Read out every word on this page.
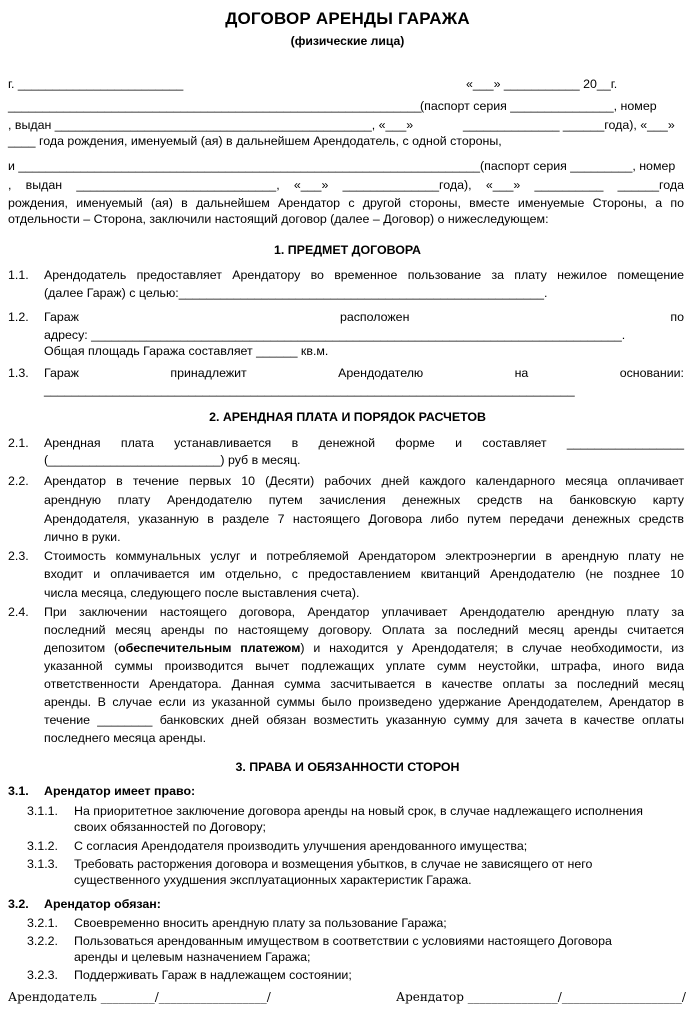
ДОГОВОР АРЕНДЫ ГАРАЖА
(физические лица)
г. ________________________	«___» ___________ 20__г.
____________________________________________________________
(паспорт серия _______________, номер
, выдан ______________________________________________, «___»	______________ ______года), «___»
____ года рождения, именуемый (ая) в дальнейшем Арендодатель, с одной стороны,
и ___________________________________________________________________ (паспорт серия _________, номер
, выдан _____________________________, «___» ______________года), «___» __________ ______года
рождения, именуемый (ая) в дальнейшем Арендатор с другой стороны, вместе именуемые Стороны, а по
отдельности – Сторона, заключили настоящий договор (далее – Договор) о нижеследующем:
1. ПРЕДМЕТ ДОГОВОРА
1.1. Арендодатель предоставляет Арендатору во временное пользование за плату нежилое помещение
(далее Гараж) с целью:_____________________________________________________.
1.2. Гараж расположен по
адресу: _____________________________________________________________________________.
Общая площадь Гаража составляет ______ кв.м.
1.3. Гараж принадлежит Арендодателю на основании:
_____________________________________________________________________________
2. АРЕНДНАЯ ПЛАТА И ПОРЯДОК РАСЧЕТОВ
2.1. Арендная плата устанавливается в денежной форме и составляет _________________
(_________________________) руб в месяц.
2.2. Арендатор в течение первых 10 (Десяти) рабочих дней каждого календарного месяца оплачивает
арендную плату Арендодателю путем зачисления денежных средств на банковскую карту
Арендодателя, указанную в разделе 7 настоящего Договора либо путем передачи денежных средств
лично в руки.
2.3. Стоимость коммунальных услуг и потребляемой Арендатором электроэнергии в арендную плату не
входит и оплачивается им отдельно, с предоставлением квитанций Арендодателю (не позднее 10
числа месяца, следующего после выставления счета).
2.4. При заключении настоящего договора, Арендатор уплачивает Арендодателю арендную плату за
последний месяц аренды по настоящему договору. Оплата за последний месяц аренды считается
депозитом (обеспечительным платежом) и находится у Арендодателя; в случае необходимости, из
указанной суммы производится вычет подлежащих уплате сумм неустойки, штрафа, иного вида
ответственности Арендатора. Данная сумма засчитывается в качестве оплаты за последний месяц
аренды. В случае если из указанной суммы было произведено удержание Арендодателем, Арендатор в
течение ________ банковских дней обязан возместить указанную сумму для зачета в качестве оплаты
последнего месяца аренды.
3. ПРАВА И ОБЯЗАННОСТИ СТОРОН
3.1. Арендатор имеет право:
3.1.1. На приоритетное заключение договора аренды на новый срок, в случае надлежащего исполнения
своих обязанностей по Договору;
3.1.2. С согласия Арендодателя производить улучшения арендованного имущества;
3.1.3. Требовать расторжения договора и возмещения убытков, в случае не зависящего от него
существенного ухудшения эксплуатационных характеристик Гаража.
3.2. Арендатор обязан:
3.2.1. Своевременно вносить арендную плату за пользование Гаража;
3.2.2. Пользоваться арендованным имуществом в соответствии с условиями настоящего Договора
аренды и целевым назначением Гаража;
3.2.3. Поддерживать Гараж в надлежащем состоянии;
Арендодатель _________/__________________/	Арендатор _______________/____________________/
